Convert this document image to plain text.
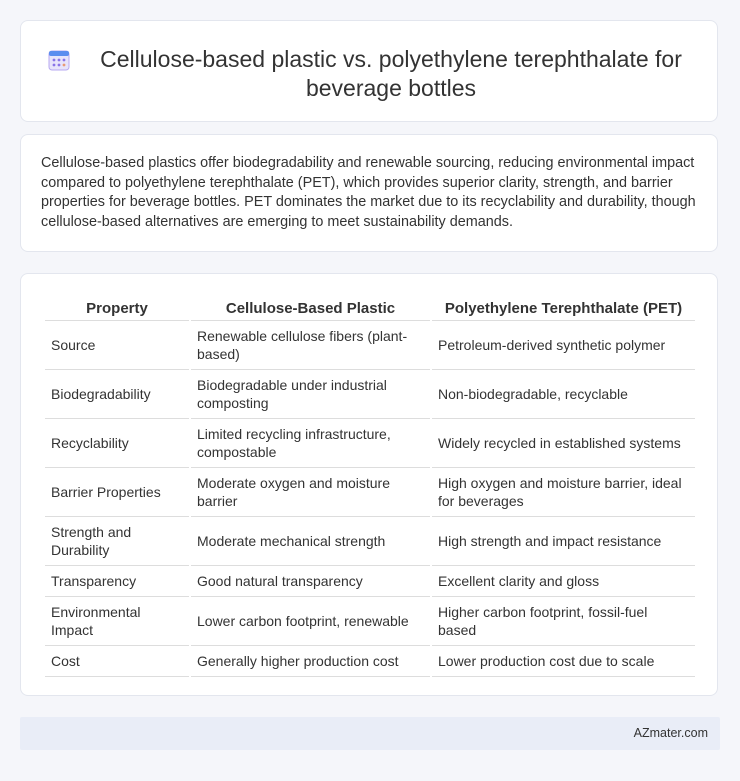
Cellulose-based plastic vs. polyethylene terephthalate for beverage bottles

Cellulose-based plastics offer biodegradability and renewable sourcing, reducing environmental impact compared to polyethylene terephthalate (PET), which provides superior clarity, strength, and barrier properties for beverage bottles. PET dominates the market due to its recyclability and durability, though cellulose-based alternatives are emerging to meet sustainability demands.

Property	Cellulose-Based Plastic	Polyethylene Terephthalate (PET)
Source	Renewable cellulose fibers (plant-based)	Petroleum-derived synthetic polymer
Biodegradability	Biodegradable under industrial composting	Non-biodegradable, recyclable
Recyclability	Limited recycling infrastructure, compostable	Widely recycled in established systems
Barrier Properties	Moderate oxygen and moisture barrier	High oxygen and moisture barrier, ideal for beverages
Strength and Durability	Moderate mechanical strength	High strength and impact resistance
Transparency	Good natural transparency	Excellent clarity and gloss
Environmental Impact	Lower carbon footprint, renewable	Higher carbon footprint, fossil-fuel based
Cost	Generally higher production cost	Lower production cost due to scale
AZmater.com
